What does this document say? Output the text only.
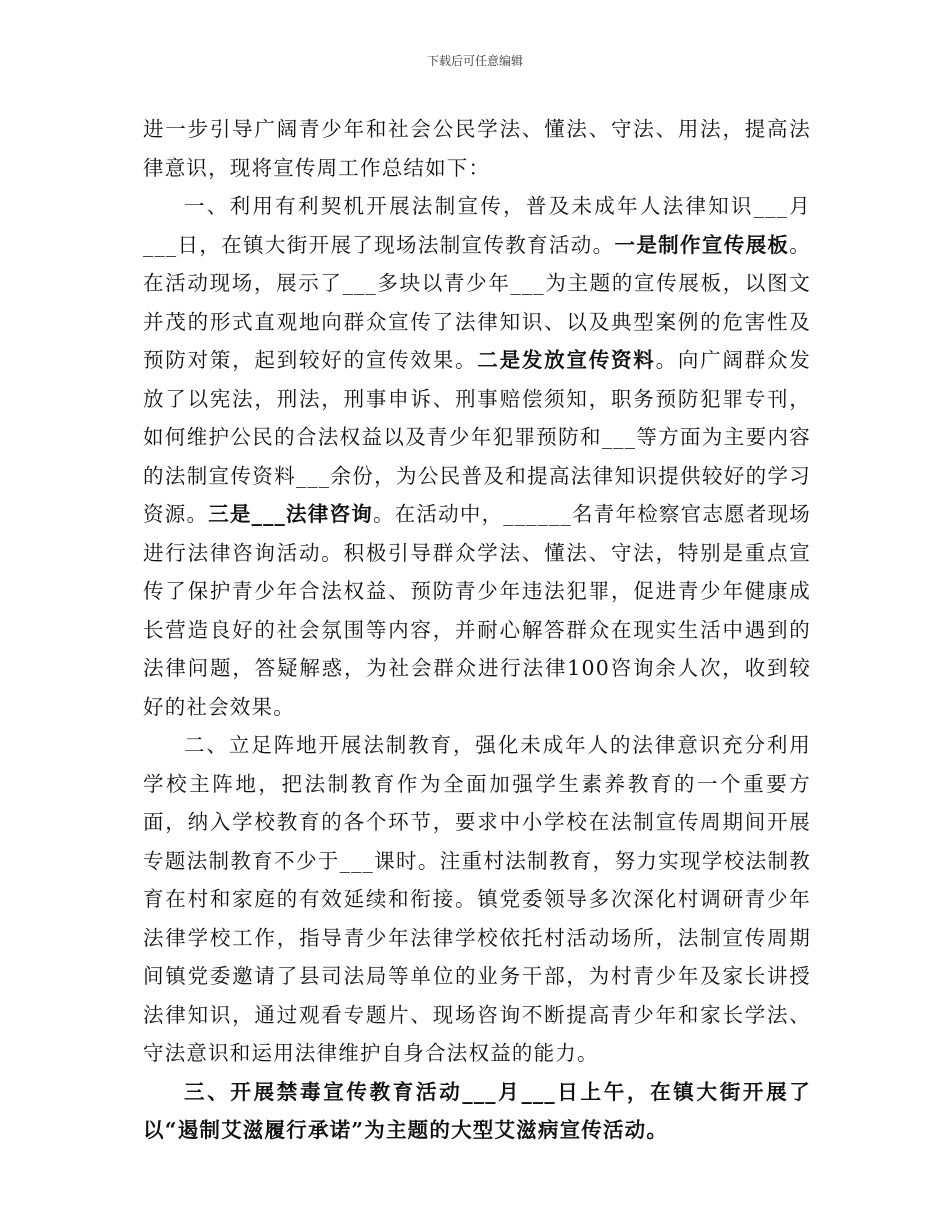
下载后可任意编辑

进一步引导广阔青少年和社会公民学法、懂法、守法、用法，提高法律意识，现将宣传周工作总结如下：

一、利用有利契机开展法制宣传，普及未成年人法律知识___月___日，在镇大街开展了现场法制宣传教育活动。一是制作宣传展板。在活动现场，展示了___多块以青少年___为主题的宣传展板，以图文并茂的形式直观地向群众宣传了法律知识、以及典型案例的危害性及预防对策，起到较好的宣传效果。二是发放宣传资料。向广阔群众发放了以宪法，刑法，刑事申诉、刑事赔偿须知，职务预防犯罪专刊，如何维护公民的合法权益以及青少年犯罪预防和___等方面为主要内容的法制宣传资料___余份，为公民普及和提高法律知识提供较好的学习资源。三是___法律咨询。在活动中，______名青年检察官志愿者现场进行法律咨询活动。积极引导群众学法、懂法、守法，特别是重点宣传了保护青少年合法权益、预防青少年违法犯罪，促进青少年健康成长营造良好的社会氛围等内容，并耐心解答群众在现实生活中遇到的法律问题，答疑解惑，为社会群众进行法律100咨询余人次，收到较好的社会效果。

二、立足阵地开展法制教育，强化未成年人的法律意识充分利用学校主阵地，把法制教育作为全面加强学生素养教育的一个重要方面，纳入学校教育的各个环节，要求中小学校在法制宣传周期间开展专题法制教育不少于___课时。注重村法制教育，努力实现学校法制教育在村和家庭的有效延续和衔接。镇党委领导多次深化村调研青少年法律学校工作，指导青少年法律学校依托村活动场所，法制宣传周期间镇党委邀请了县司法局等单位的业务干部，为村青少年及家长讲授法律知识，通过观看专题片、现场咨询不断提高青少年和家长学法、守法意识和运用法律维护自身合法权益的能力。

三、开展禁毒宣传教育活动___月___日上午，在镇大街开展了以“遏制艾滋履行承诺”为主题的大型艾滋病宣传活动。
